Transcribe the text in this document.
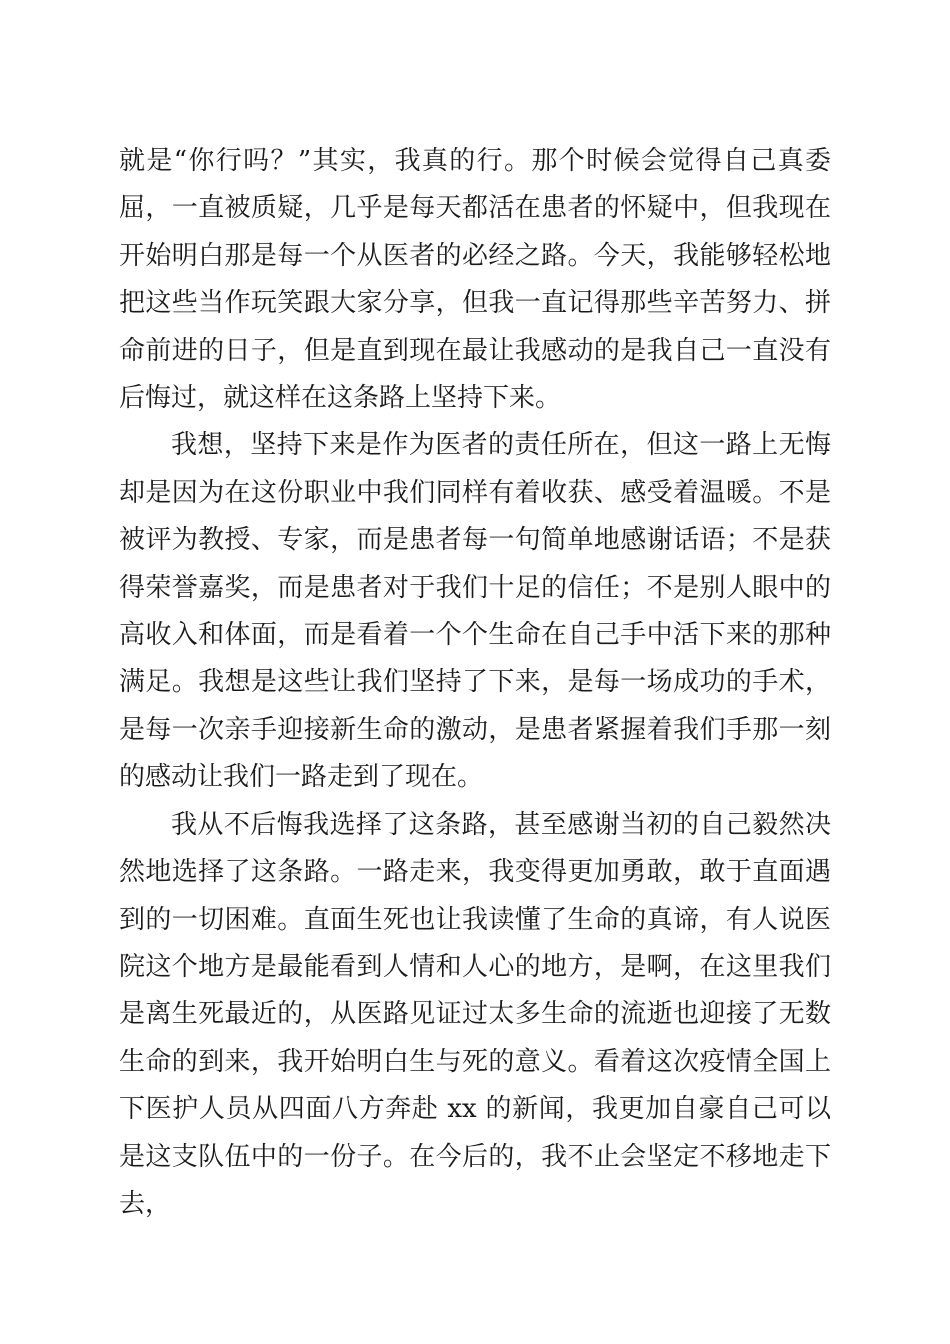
就是“你行吗？”其实，我真的行。那个时候会觉得自己真委屈，一直被质疑，几乎是每天都活在患者的怀疑中，但我现在开始明白那是每一个从医者的必经之路。今天，我能够轻松地把这些当作玩笑跟大家分享，但我一直记得那些辛苦努力、拼命前进的日子，但是直到现在最让我感动的是我自己一直没有后悔过，就这样在这条路上坚持下来。

我想，坚持下来是作为医者的责任所在，但这一路上无悔却是因为在这份职业中我们同样有着收获、感受着温暖。不是被评为教授、专家，而是患者每一句简单地感谢话语；不是获得荣誉嘉奖，而是患者对于我们十足的信任；不是别人眼中的高收入和体面，而是看着一个个生命在自己手中活下来的那种满足。我想是这些让我们坚持了下来，是每一场成功的手术，是每一次亲手迎接新生命的激动，是患者紧握着我们手那一刻的感动让我们一路走到了现在。

我从不后悔我选择了这条路，甚至感谢当初的自己毅然决然地选择了这条路。一路走来，我变得更加勇敢，敢于直面遇到的一切困难。直面生死也让我读懂了生命的真谛，有人说医院这个地方是最能看到人情和人心的地方，是啊，在这里我们是离生死最近的，从医路见证过太多生命的流逝也迎接了无数生命的到来，我开始明白生与死的意义。看着这次疫情全国上下医护人员从四面八方奔赴 xx 的新闻，我更加自豪自己可以是这支队伍中的一份子。在今后的，我不止会坚定不移地走下去，
